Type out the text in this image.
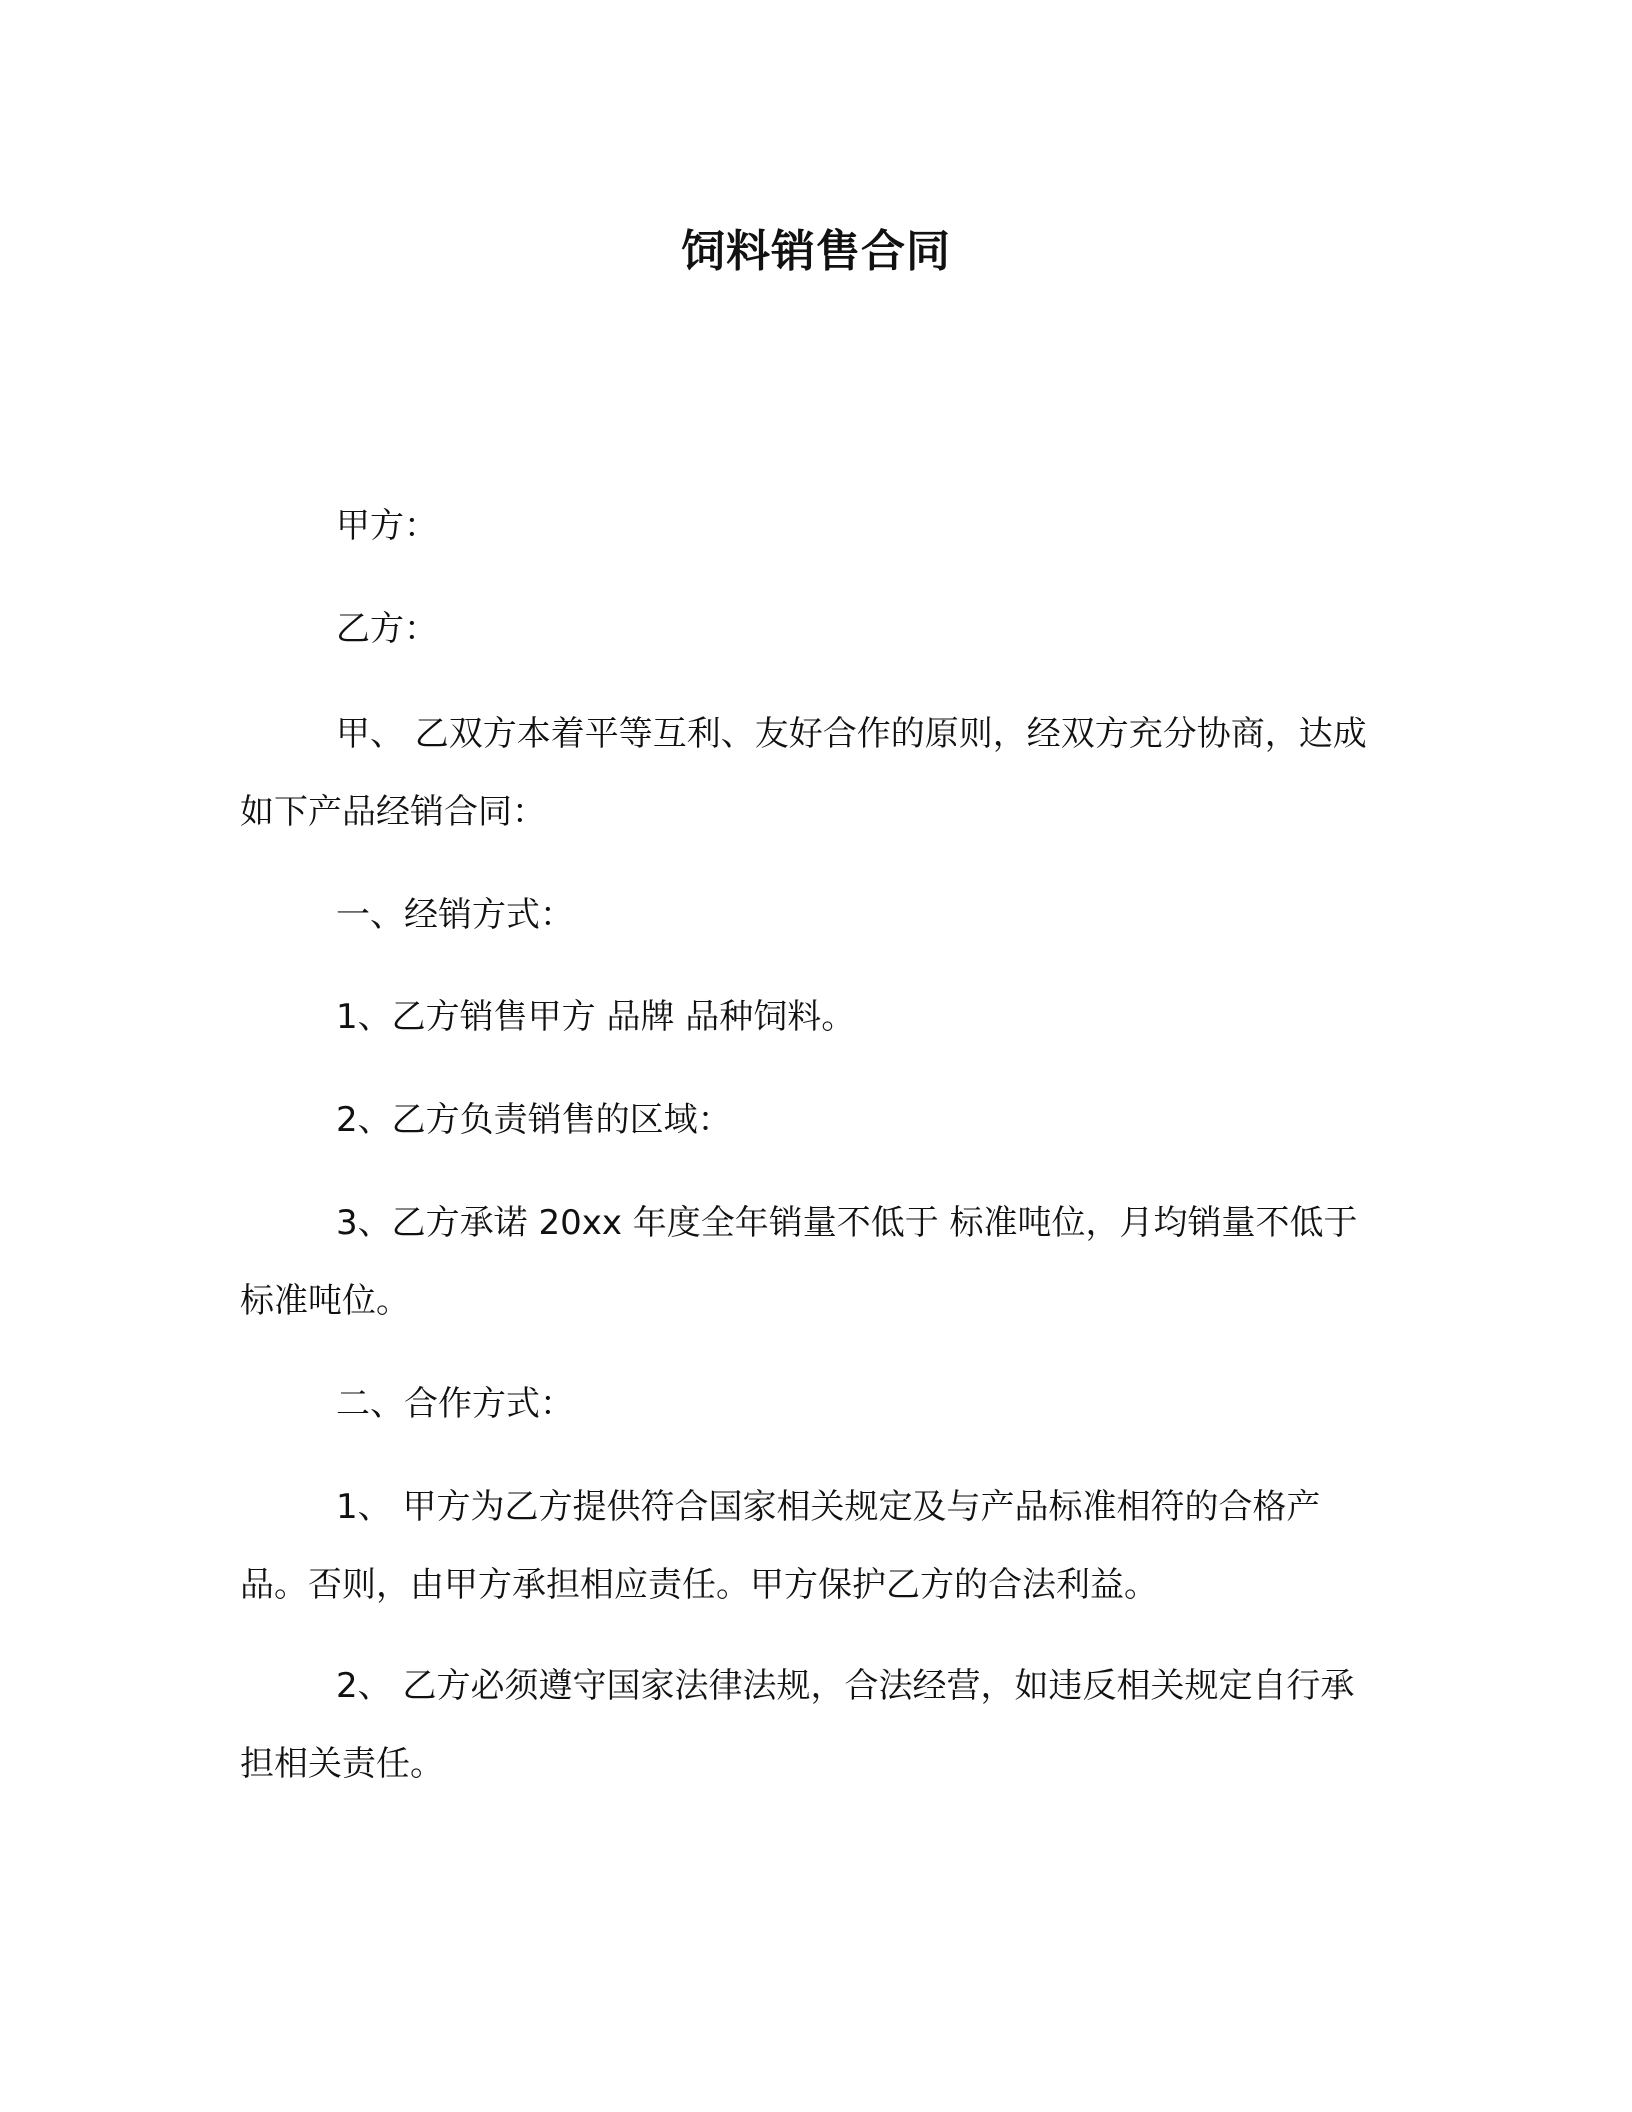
饲料销售合同

甲方：

乙方：

甲、 乙双方本着平等互利、友好合作的原则，经双方充分协商，达成如下产品经销合同：

一、经销方式：

1、乙方销售甲方 品牌 品种饲料。

2、乙方负责销售的区域：

3、乙方承诺 20xx 年度全年销量不低于 标准吨位，月均销量不低于 标准吨位。

二、合作方式：

1、 甲方为乙方提供符合国家相关规定及与产品标准相符的合格产品。否则，由甲方承担相应责任。甲方保护乙方的合法利益。

2、 乙方必须遵守国家法律法规，合法经营，如违反相关规定自行承担相关责任。
